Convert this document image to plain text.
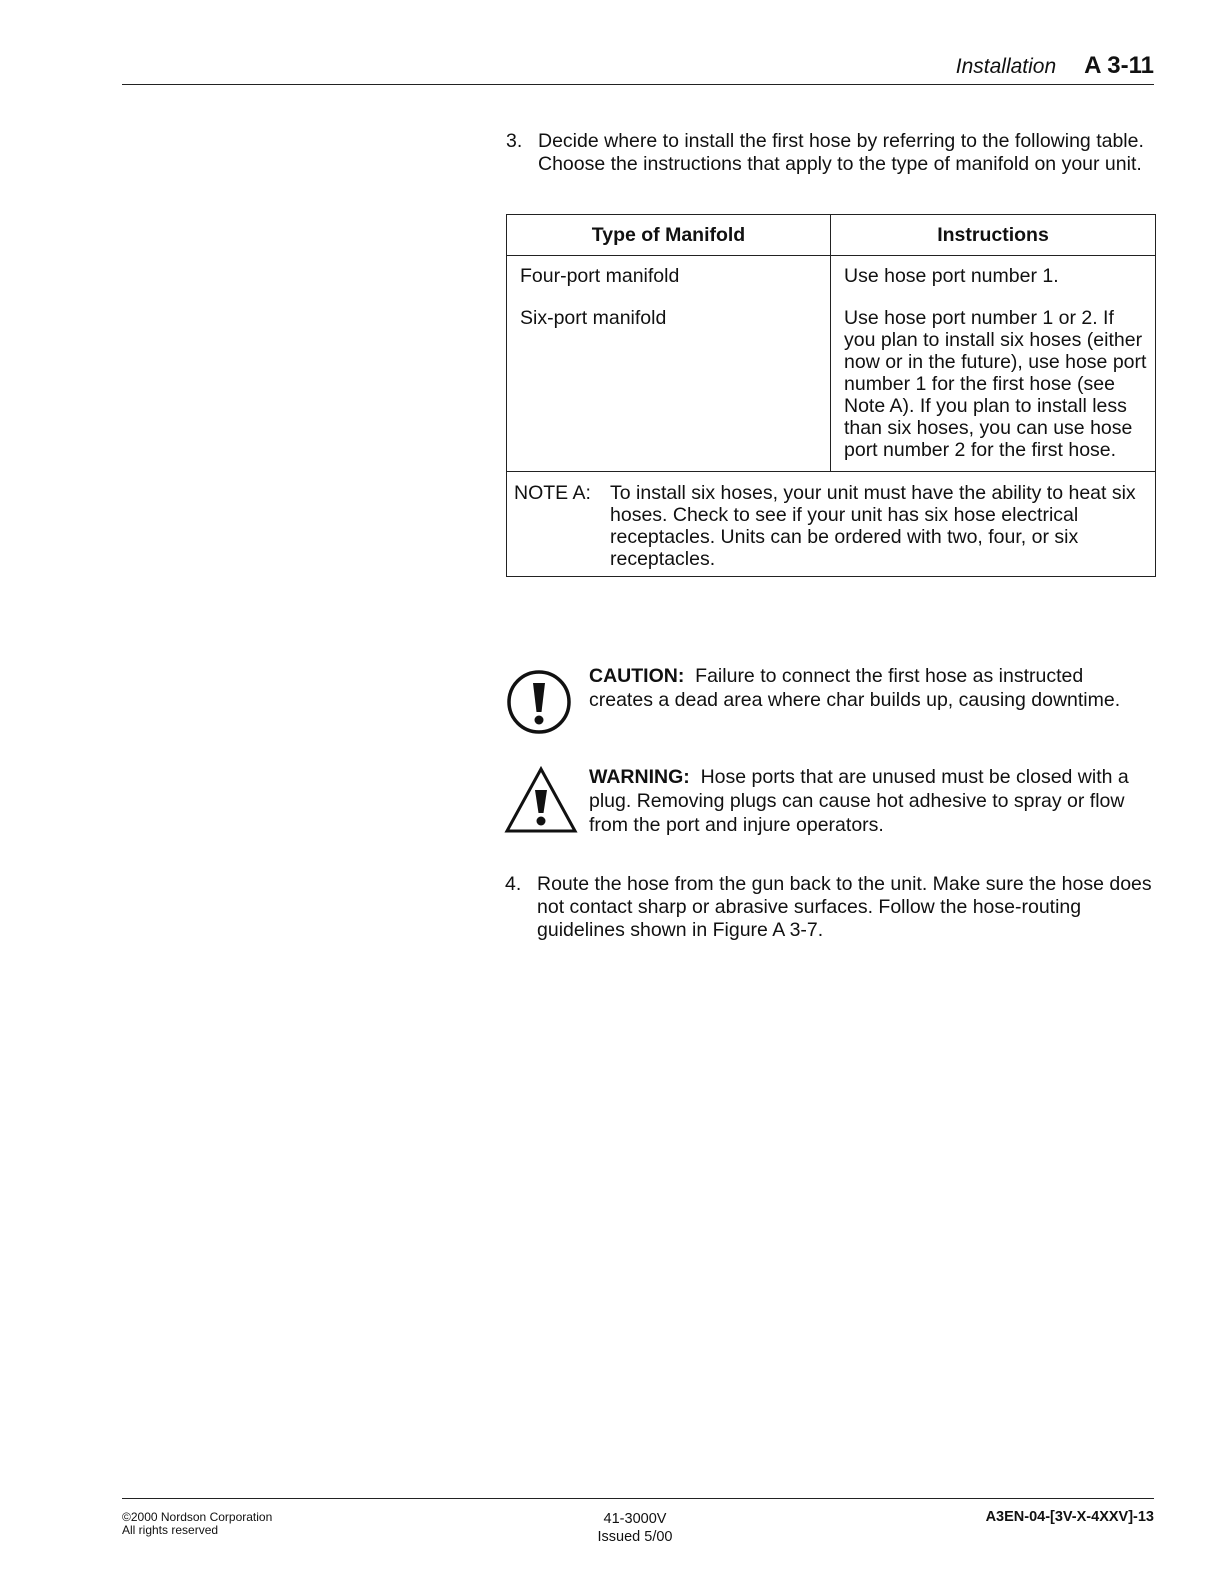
Installation A 3-11
3. Decide where to install the first hose by referring to the following table. Choose the instructions that apply to the type of manifold on your unit.
Type of Manifold	Instructions
Four-port manifold	Use hose port number 1.
Six-port manifold	Use hose port number 1 or 2. If you plan to install six hoses (either now or in the future), use hose port number 1 for the first hose (see Note A). If you plan to install less than six hoses, you can use hose port number 2 for the first hose.

NOTE A: To install six hoses, your unit must have the ability to heat six hoses. Check to see if your unit has six hose electrical receptacles. Units can be ordered with two, four, or six receptacles.	
CAUTION: Failure to connect the first hose as instructed creates a dead area where char builds up, causing downtime.
WARNING: Hose ports that are unused must be closed with a plug. Removing plugs can cause hot adhesive to spray or flow from the port and injure operators.
4. Route the hose from the gun back to the unit. Make sure the hose does not contact sharp or abrasive surfaces. Follow the hose-routing guidelines shown in Figure A 3-7.
©2000 Nordson Corporation
All rights reserved
41-3000V
Issued 5/00
A3EN-04-[3V-X-4XXV]-13
